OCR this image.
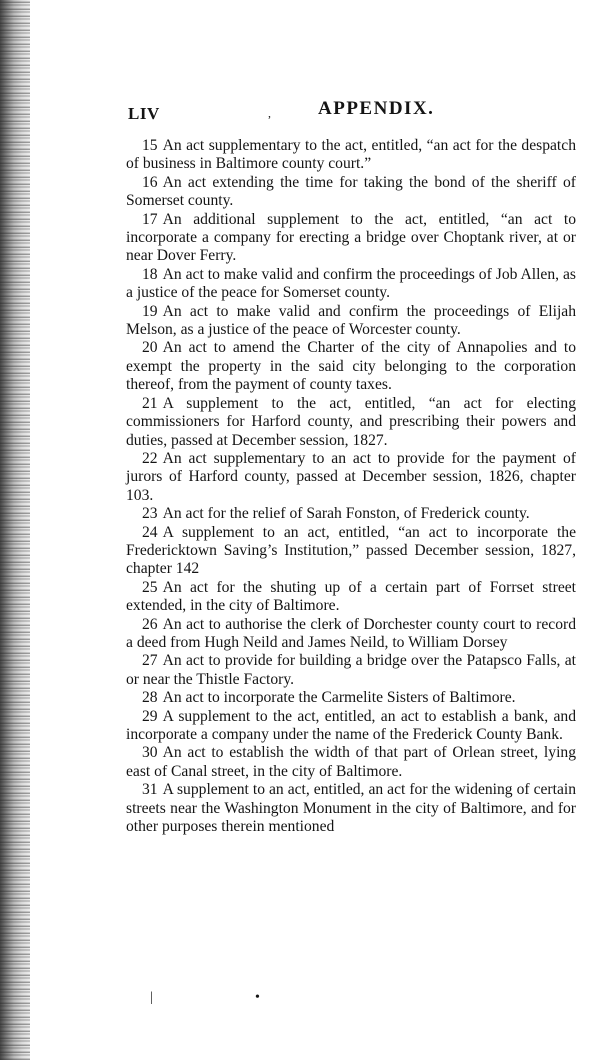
LIV	, APPENDIX.

15 An act supplementary to the act, entitled, “an act for the despatch of business in Baltimore county court.”

16 An act extending the time for taking the bond of the sheriff of Somerset county.

17 An additional supplement to the act, entitled, “an act to incorporate a company for erecting a bridge over Choptank river, at or near Dover Ferry.

18 An act to make valid and confirm the proceedings of Job Allen, as a justice of the peace for Somerset county.

19 An act to make valid and confirm the proceedings of Elijah Melson, as a justice of the peace of Worcester county.

20 An act to amend the Charter of the city of Annapolies and to exempt the property in the said city belonging to the corporation thereof, from the payment of county taxes.

21 A supplement to the act, entitled, “an act for electing commissioners for Harford county, and prescribing their powers and duties, passed at December session, 1827.

22 An act supplementary to an act to provide for the payment of jurors of Harford county, passed at December session, 1826, chapter 103.

23 An act for the relief of Sarah Fonston, of Frederick county.

24 A supplement to an act, entitled, “an act to incorporate the Fredericktown Saving’s Institution,” passed December session, 1827, chapter 142

25 An act for the shuting up of a certain part of Forrset street extended, in the city of Baltimore.

26 An act to authorise the clerk of Dorchester county court to record a deed from Hugh Neild and James Neild, to William Dorsey

27 An act to provide for building a bridge over the Patapsco Falls, at or near the Thistle Factory.

28 An act to incorporate the Carmelite Sisters of Baltimore.

29 A supplement to the act, entitled, an act to establish a bank, and incorporate a company under the name of the Frederick County Bank.

30 An act to establish the width of that part of Orlean street, lying east of Canal street, in the city of Baltimore.

31 A supplement to an act, entitled, an act for the widening of certain streets near the Washington Monument in the city of Baltimore, and for other purposes therein mentioned

|	•
